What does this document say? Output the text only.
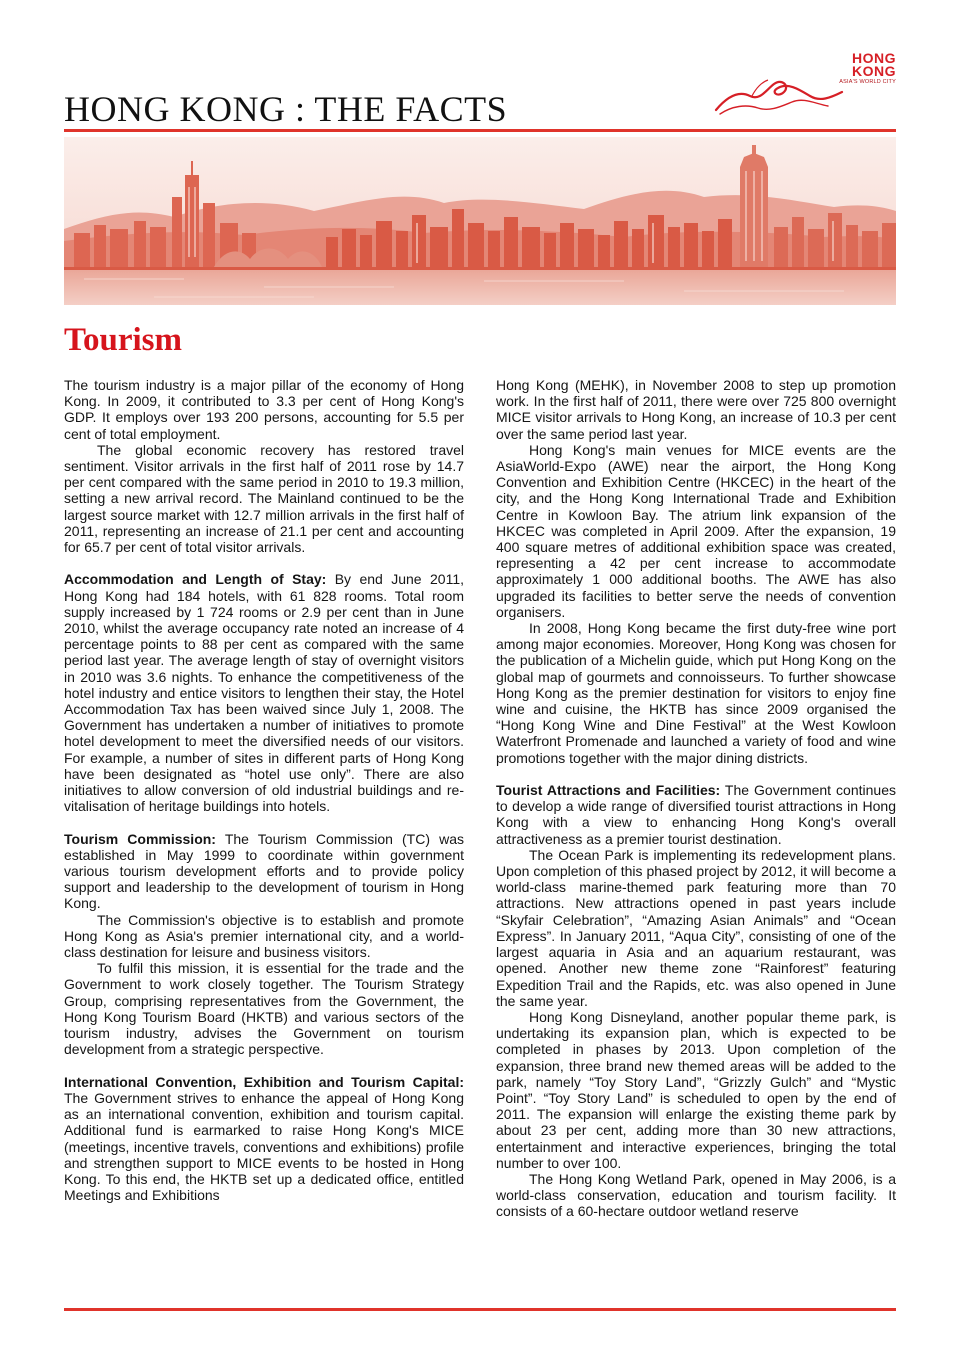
HONG KONG : THE FACTS
HONG
KONG
ASIA'S WORLD CITY
Tourism

The tourism industry is a major pillar of the economy of Hong Kong. In 2009, it contributed to 3.3 per cent of Hong Kong's GDP. It employs over 193 200 persons, accounting for 5.5 per cent of total employment.

The global economic recovery has restored travel sentiment. Visitor arrivals in the first half of 2011 rose by 14.7 per cent compared with the same period in 2010 to 19.3 million, setting a new arrival record. The Mainland continued to be the largest source market with 12.7 million arrivals in the first half of 2011, representing an increase of 21.1 per cent and accounting for 65.7 per cent of total visitor arrivals.

Accommodation and Length of Stay: By end June 2011, Hong Kong had 184 hotels, with 61 828 rooms. Total room supply increased by 1 724 rooms or 2.9 per cent than in June 2010, whilst the average occupancy rate noted an increase of 4 percentage points to 88 per cent as compared with the same period last year. The average length of stay of overnight visitors in 2010 was 3.6 nights. To enhance the competitiveness of the hotel industry and entice visitors to lengthen their stay, the Hotel Accommodation Tax has been waived since July 1, 2008. The Government has undertaken a number of initiatives to promote hotel development to meet the diversified needs of our visitors. For example, a number of sites in different parts of Hong Kong have been designated as “hotel use only”. There are also initiatives to allow conversion of old industrial buildings and re-vitalisation of heritage buildings into hotels.

Tourism Commission: The Tourism Commission (TC) was established in May 1999 to coordinate within government various tourism development efforts and to provide policy support and leadership to the development of tourism in Hong Kong.

The Commission's objective is to establish and promote Hong Kong as Asia's premier international city, and a world-class destination for leisure and business visitors.

To fulfil this mission, it is essential for the trade and the Government to work closely together. The Tourism Strategy Group, comprising representatives from the Government, the Hong Kong Tourism Board (HKTB) and various sectors of the tourism industry, advises the Government on tourism development from a strategic perspective.

International Convention, Exhibition and Tourism Capital: The Government strives to enhance the appeal of Hong Kong as an international convention, exhibition and tourism capital. Additional fund is earmarked to raise Hong Kong's MICE (meetings, incentive travels, conventions and exhibitions) profile and strengthen support to MICE events to be hosted in Hong Kong. To this end, the HKTB set up a dedicated office, entitled Meetings and Exhibitions

Hong Kong (MEHK), in November 2008 to step up promotion work. In the first half of 2011, there were over 725 800 overnight MICE visitor arrivals to Hong Kong, an increase of 10.3 per cent over the same period last year.

Hong Kong's main venues for MICE events are the AsiaWorld-Expo (AWE) near the airport, the Hong Kong Convention and Exhibition Centre (HKCEC) in the heart of the city, and the Hong Kong International Trade and Exhibition Centre in Kowloon Bay. The atrium link expansion of the HKCEC was completed in April 2009. After the expansion, 19 400 square metres of additional exhibition space was created, representing a 42 per cent increase to accommodate approximately 1 000 additional booths. The AWE has also upgraded its facilities to better serve the needs of convention organisers.

In 2008, Hong Kong became the first duty-free wine port among major economies. Moreover, Hong Kong was chosen for the publication of a Michelin guide, which put Hong Kong on the global map of gourmets and connoisseurs. To further showcase Hong Kong as the premier destination for visitors to enjoy fine wine and cuisine, the HKTB has since 2009 organised the “Hong Kong Wine and Dine Festival” at the West Kowloon Waterfront Promenade and launched a variety of food and wine promotions together with the major dining districts.

Tourist Attractions and Facilities: The Government continues to develop a wide range of diversified tourist attractions in Hong Kong with a view to enhancing Hong Kong's overall attractiveness as a premier tourist destination.

The Ocean Park is implementing its redevelopment plans. Upon completion of this phased project by 2012, it will become a world-class marine-themed park featuring more than 70 attractions. New attractions opened in past years include “Skyfair Celebration”, “Amazing Asian Animals” and “Ocean Express”. In January 2011, “Aqua City”, consisting of one of the largest aquaria in Asia and an aquarium restaurant, was opened. Another new theme zone “Rainforest” featuring Expedition Trail and the Rapids, etc. was also opened in June the same year.

Hong Kong Disneyland, another popular theme park, is undertaking its expansion plan, which is expected to be completed in phases by 2013. Upon completion of the expansion, three brand new themed areas will be added to the park, namely “Toy Story Land”, “Grizzly Gulch” and “Mystic Point”. “Toy Story Land” is scheduled to open by the end of 2011. The expansion will enlarge the existing theme park by about 23 per cent, adding more than 30 new attractions, entertainment and interactive experiences, bringing the total number to over 100.

The Hong Kong Wetland Park, opened in May 2006, is a world-class conservation, education and tourism facility. It consists of a 60-hectare outdoor wetland reserve
